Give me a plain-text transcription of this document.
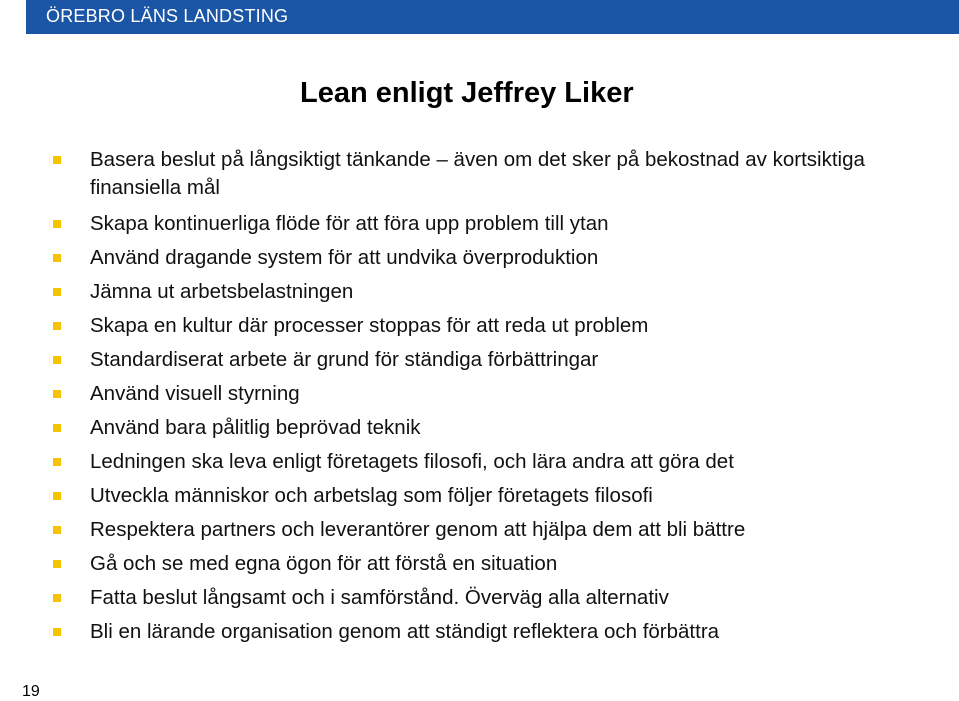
ÖREBRO LÄNS LANDSTING
Lean enligt Jeffrey Liker
Basera beslut på långsiktigt tänkande – även om det sker på bekostnad av kortsiktiga finansiella mål
Skapa kontinuerliga flöde för att föra upp problem till ytan
Använd dragande system för att undvika överproduktion
Jämna ut arbetsbelastningen
Skapa en kultur där processer stoppas för att reda ut problem
Standardiserat arbete är grund för ständiga förbättringar
Använd visuell styrning
Använd bara pålitlig beprövad teknik
Ledningen ska leva enligt företagets filosofi, och lära andra att göra det
Utveckla människor och arbetslag som följer företagets filosofi
Respektera partners och leverantörer genom att hjälpa dem att bli bättre
Gå och se med egna ögon för att förstå en situation
Fatta beslut långsamt och i samförstånd. Överväg alla alternativ
Bli en lärande organisation genom att ständigt reflektera och förbättra
19
